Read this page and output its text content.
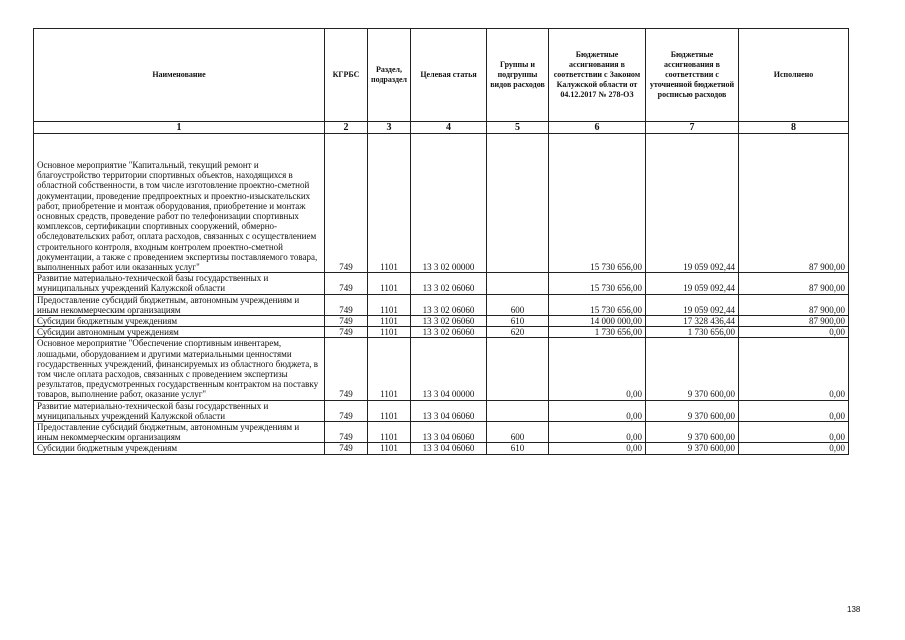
Наименование	КГРБС	Раздел, подраздел	Целевая статья	Группы и подгруппы видов расходов	Бюджетные ассигнования в соответствии с Законом Калужской области от 04.12.2017 № 278-ОЗ	Бюджетные ассигнования в соответствии с уточненной бюджетной росписью расходов	Исполнено
1	2	3	4	5	6	7	8
Основное мероприятие "Капитальный, текущий ремонт и благоустройство территории спортивных объектов, находящихся в областной собственности, в том числе изготовление проектно-сметной документации, проведение предпроектных и проектно-изыскательских работ, приобретение и монтаж оборудования, приобретение и монтаж основных средств, проведение работ по телефонизации спортивных комплексов, сертификации спортивных сооружений, обмерно-обследовательских работ, оплата расходов, связанных с осуществлением строительного контроля, входным контролем проектно-сметной документации, а также с проведением экспертизы поставляемого товара, выполненных работ или оказанных услуг"	749	1101	13 3 02 00000		15 730 656,00	19 059 092,44	87 900,00
Развитие материально-технической базы государственных и муниципальных учреждений Калужской области	749	1101	13 3 02 06060		15 730 656,00	19 059 092,44	87 900,00
Предоставление субсидий бюджетным, автономным учреждениям и иным некоммерческим организациям	749	1101	13 3 02 06060	600	15 730 656,00	19 059 092,44	87 900,00
Субсидии бюджетным учреждениям	749	1101	13 3 02 06060	610	14 000 000,00	17 328 436,44	87 900,00
Субсидии автономным учреждениям	749	1101	13 3 02 06060	620	1 730 656,00	1 730 656,00	0,00
Основное мероприятие "Обеспечение спортивным инвентарем, лошадьми, оборудованием и другими материальными ценностями государственных учреждений, финансируемых из областного бюджета, в том числе оплата расходов, связанных с проведением экспертизы результатов, предусмотренных государственным контрактом на поставку товаров, выполнение работ, оказание услуг"	749	1101	13 3 04 00000		0,00	9 370 600,00	0,00
Развитие материально-технической базы государственных и муниципальных учреждений Калужской области	749	1101	13 3 04 06060		0,00	9 370 600,00	0,00
Предоставление субсидий бюджетным, автономным учреждениям и иным некоммерческим организациям	749	1101	13 3 04 06060	600	0,00	9 370 600,00	0,00
Субсидии бюджетным учреждениям	749	1101	13 3 04 06060	610	0,00	9 370 600,00	0,00
138
